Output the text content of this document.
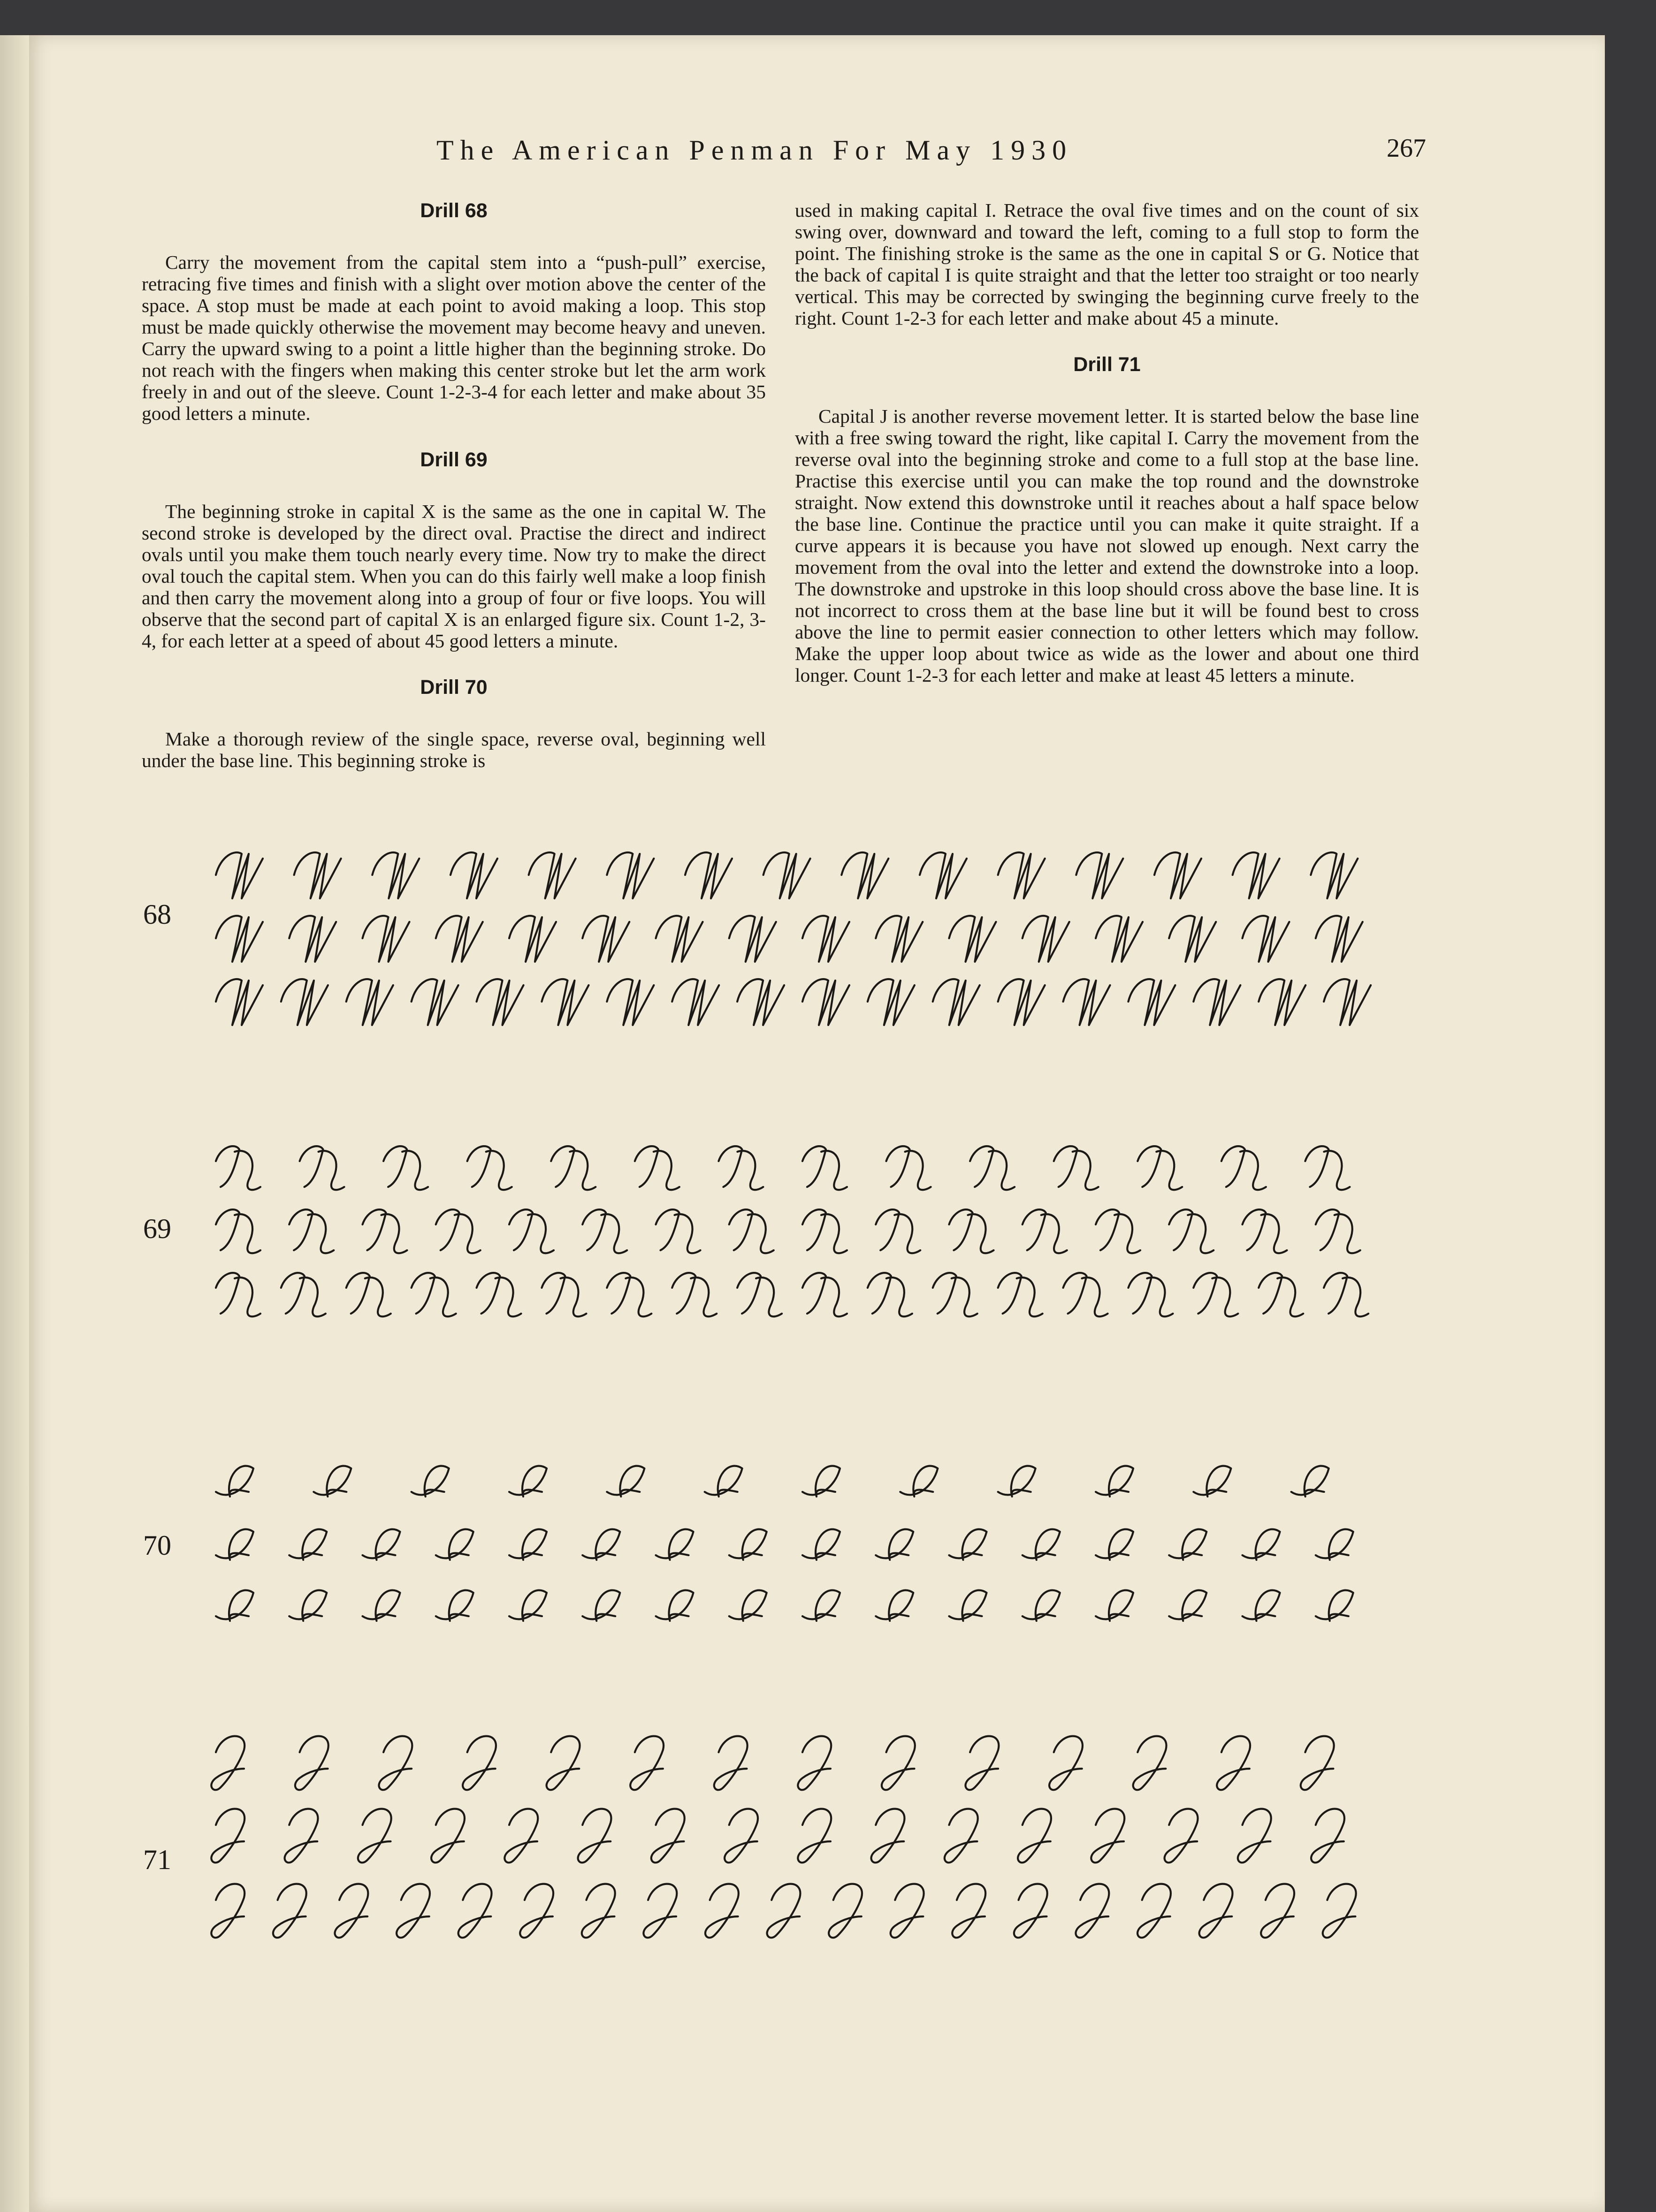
The American Penman For May 1930	267
Drill 68

Carry the movement from the capital stem into a “push-pull” exercise, retracing five times and finish with a slight over motion above the center of the space. A stop must be made at each point to avoid making a loop. This stop must be made quickly otherwise the movement may become heavy and uneven. Carry the upward swing to a point a little higher than the beginning stroke. Do not reach with the fingers when making this center stroke but let the arm work freely in and out of the sleeve. Count 1-2-3-4 for each letter and make about 35 good letters a minute.

Drill 69

The beginning stroke in capital X is the same as the one in capital W. The second stroke is developed by the direct oval. Practise the direct and indirect ovals until you make them touch nearly every time. Now try to make the direct oval touch the capital stem. When you can do this fairly well make a loop finish and then carry the movement along into a group of four or five loops. You will observe that the second part of capital X is an enlarged figure six. Count 1-2, 3-4, for each letter at a speed of about 45 good letters a minute.

Drill 70

Make a thorough review of the single space, reverse oval, beginning well under the base line. This beginning stroke is

used in making capital I. Retrace the oval five times and on the count of six swing over, downward and toward the left, coming to a full stop to form the point. The finishing stroke is the same as the one in capital S or G. Notice that the back of capital I is quite straight and that the letter too straight or too nearly vertical. This may be corrected by swinging the beginning curve freely to the right. Count 1-2-3 for each letter and make about 45 a minute.

Drill 71

Capital J is another reverse movement letter. It is started below the base line with a free swing toward the right, like capital I. Carry the movement from the reverse oval into the beginning stroke and come to a full stop at the base line. Practise this exercise until you can make the top round and the downstroke straight. Now extend this downstroke until it reaches about a half space below the base line. Continue the practice until you can make it quite straight. If a curve appears it is because you have not slowed up enough. Next carry the movement from the oval into the letter and extend the downstroke into a loop. The downstroke and upstroke in this loop should cross above the base line. It is not incorrect to cross them at the base line but it will be found best to cross above the line to permit easier connection to other letters which may follow. Make the upper loop about twice as wide as the lower and about one third longer. Count 1-2-3 for each letter and make at least 45 letters a minute.

68
69
70
71
